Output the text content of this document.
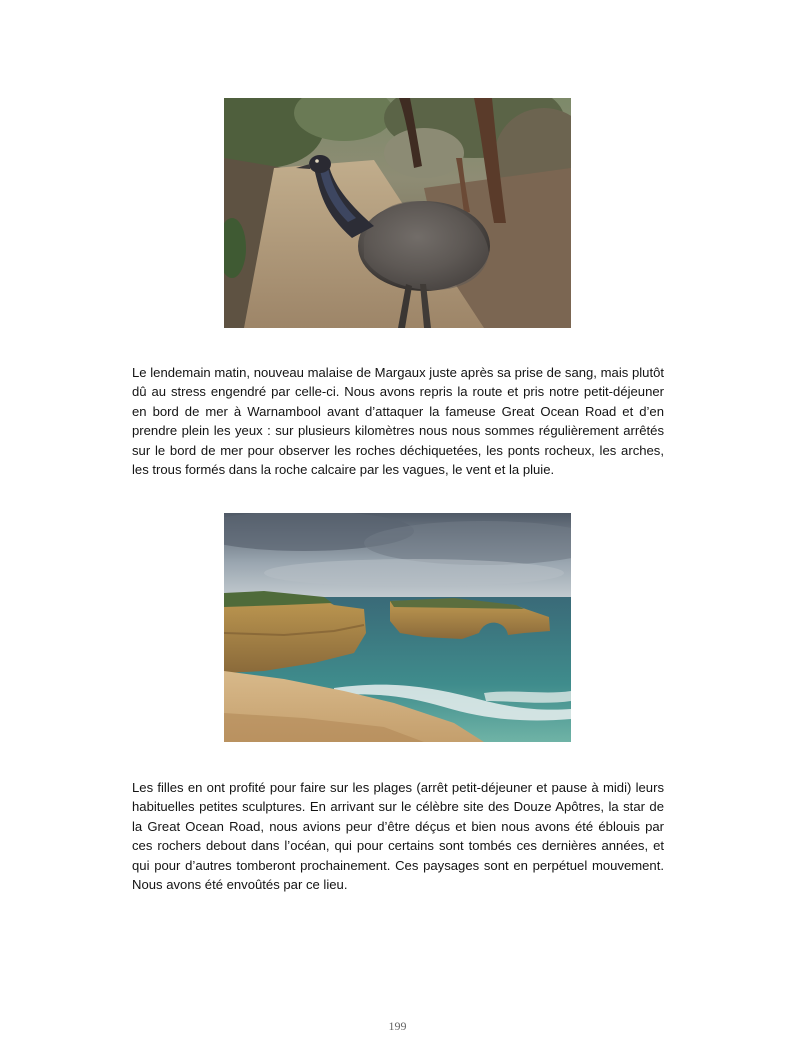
Le lendemain matin, nouveau malaise de Margaux juste après sa prise de sang, mais plutôt dû au stress engendré par celle-ci. Nous avons repris la route et pris notre petit-déjeuner en bord de mer à Warnambool avant d’attaquer la fameuse Great Ocean Road et d’en prendre plein les yeux : sur plusieurs kilomètres nous nous sommes régulièrement arrêtés sur le bord de mer pour observer les roches déchiquetées, les ponts rocheux, les arches, les trous formés dans la roche calcaire par les vagues, le vent et la pluie.

Les filles en ont profité pour faire sur les plages (arrêt petit-déjeuner et pause à midi) leurs habituelles petites sculptures. En arrivant sur le célèbre site des Douze Apôtres, la star de la Great Ocean Road, nous avions peur d’être déçus et bien nous avons été éblouis par ces rochers debout dans l’océan, qui pour certains sont tombés ces dernières années, et qui pour d’autres tomberont prochainement. Ces paysages sont en perpétuel mouvement. Nous avons été envoûtés par ce lieu.

199
